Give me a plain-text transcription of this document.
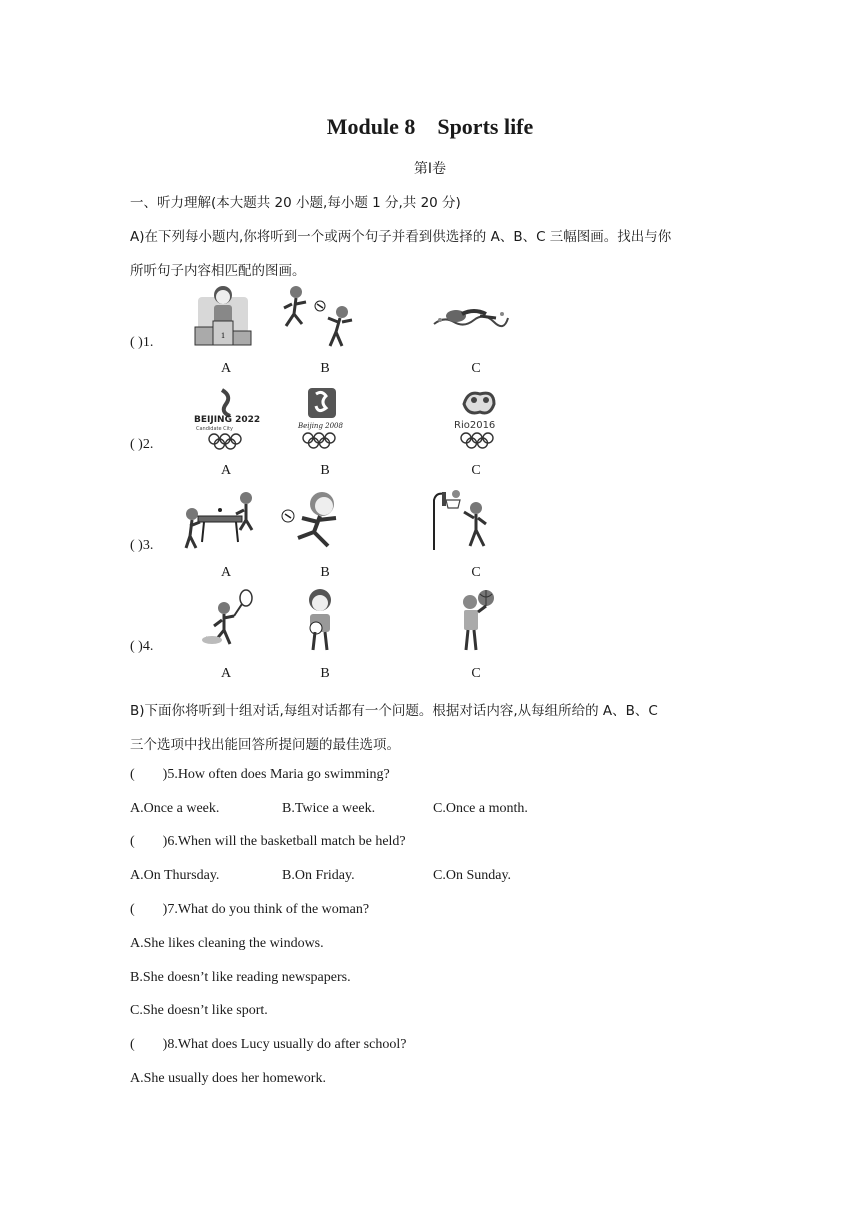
Module 8    Sports life
第Ⅰ卷
一、听力理解(本大题共 20 小题,每小题 1 分,共 20 分)
A)在下列每小题内,你将听到一个或两个句子并看到供选择的 A、B、C 三幅图画。找出与你
所听句子内容相匹配的图画。
( )1.	1
A	B	C
( )2.
BEIJING 2022
Candidate City	Beijing 2008	Rio2016
A	B	C
( )3.
A	B	C
( )4.
A	B	C
B)下面你将听到十组对话,每组对话都有一个问题。根据对话内容,从每组所给的 A、B、C
三个选项中找出能回答所提问题的最佳选项。
(        )5.How often does Maria go swimming?
A.Once a week.	B.Twice a week.	C.Once a month.
(        )6.When will the basketball match be held?
A.On Thursday.	B.On Friday.	C.On Sunday.
(        )7.What do you think of the woman?
A.She likes cleaning the windows.
B.She doesn’t like reading newspapers.
C.She doesn’t like sport.
(        )8.What does Lucy usually do after school?
A.She usually does her homework.
